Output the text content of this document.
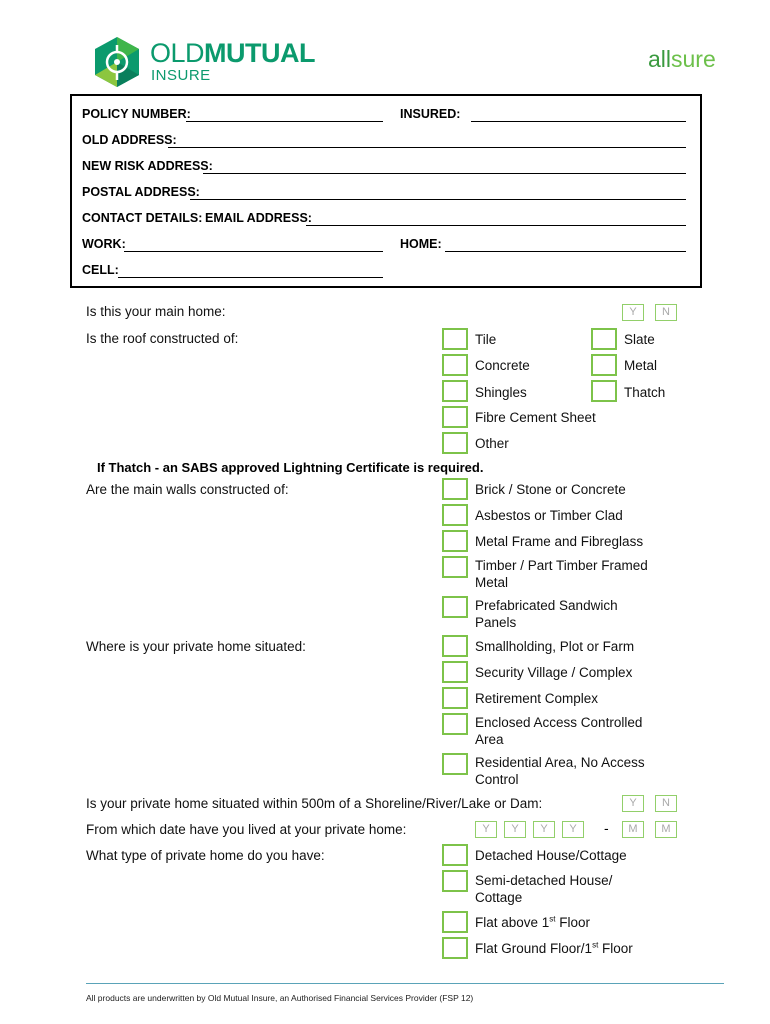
OLDMUTUAL
INSURE
allsure
POLICY NUMBER:	INSURED:
OLD ADDRESS:
NEW RISK ADDRESS:
POSTAL ADDRESS:
CONTACT DETAILS: EMAIL ADDRESS:
WORK:	HOME:
CELL:
Is this your main home:	Y	N
Is the roof constructed of:	Tile	Slate
Concrete	Metal
Shingles	Thatch
Fibre Cement Sheet
Other
If Thatch - an SABS approved Lightning Certificate is required.
Are the main walls constructed of:	Brick / Stone or Concrete
Asbestos or Timber Clad
Metal Frame and Fibreglass
Timber / Part Timber Framed
Metal
Prefabricated Sandwich
Panels
Where is your private home situated:	Smallholding, Plot or Farm
Security Village / Complex
Retirement Complex
Enclosed Access Controlled
Area
Residential Area, No Access
Control
Is your private home situated within 500m of a Shoreline/River/Lake or Dam:	Y	N
From which date have you lived at your private home:	Y	Y	Y	Y	-	M	M
What type of private home do you have:	Detached House/Cottage
Semi-detached House/
Cottage
Flat above 1st Floor
Flat Ground Floor/1st Floor
All products are underwritten by Old Mutual Insure, an Authorised Financial Services Provider (FSP 12)
